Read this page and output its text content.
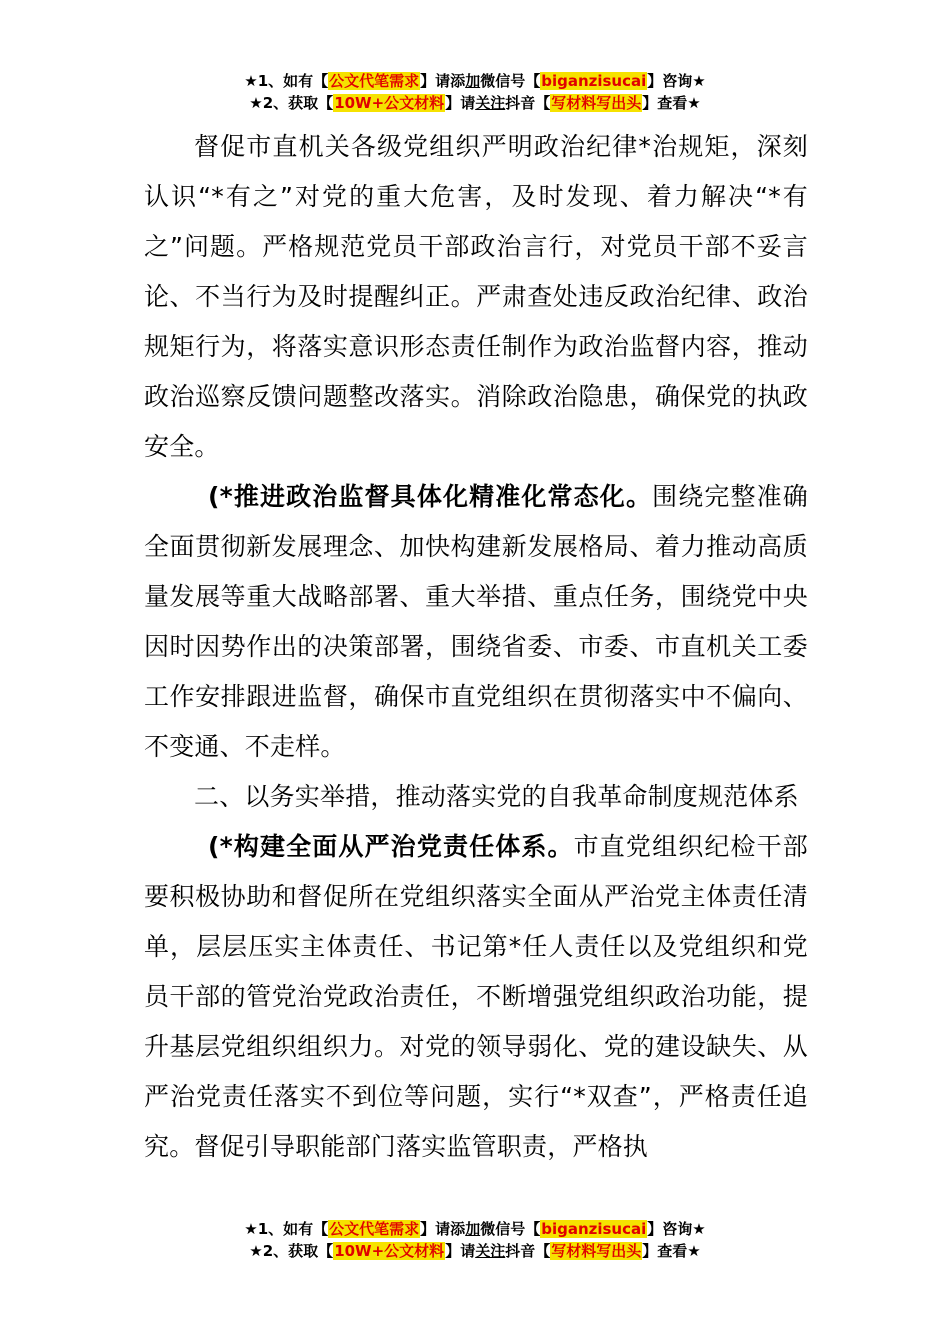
★1、如有【公文代笔需求】请添加微信号【biganzisucai】咨询★
★2、获取【10W+公文材料】请关注抖音【写材料写出头】查看★

督促市直机关各级党组织严明政治纪律*治规矩，深刻认识“*有之”对党的重大危害，及时发现、着力解决“*有之”问题。严格规范党员干部政治言行，对党员干部不妥言论、不当行为及时提醒纠正。严肃查处违反政治纪律、政治规矩行为，将落实意识形态责任制作为政治监督内容，推动政治巡察反馈问题整改落实。消除政治隐患，确保党的执政安全。

(*推进政治监督具体化精准化常态化。围绕完整准确全面贯彻新发展理念、加快构建新发展格局、着力推动高质量发展等重大战略部署、重大举措、重点任务，围绕党中央因时因势作出的决策部署，围绕省委、市委、市直机关工委工作安排跟进监督，确保市直党组织在贯彻落实中不偏向、不变通、不走样。

二、以务实举措，推动落实党的自我革命制度规范体系

(*构建全面从严治党责任体系。市直党组织纪检干部要积极协助和督促所在党组织落实全面从严治党主体责任清单，层层压实主体责任、书记第*任人责任以及党组织和党员干部的管党治党政治责任，不断增强党组织政治功能，提升基层党组织组织力。对党的领导弱化、党的建设缺失、从严治党责任落实不到位等问题，实行“*双查”，严格责任追究。督促引导职能部门落实监管职责，严格执

★1、如有【公文代笔需求】请添加微信号【biganzisucai】咨询★
★2、获取【10W+公文材料】请关注抖音【写材料写出头】查看★
